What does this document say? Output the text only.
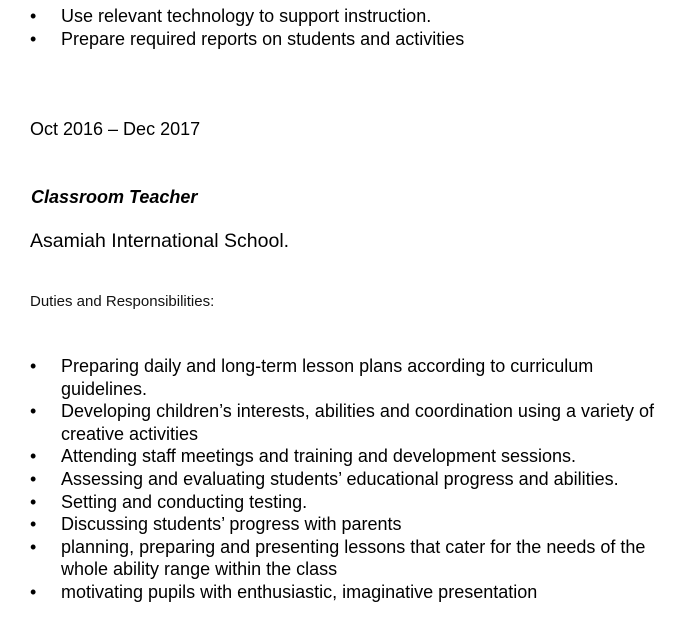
•	Use relevant technology to support instruction.
•	Prepare required reports on students and activities
Oct 2016 – Dec 2017
Classroom Teacher
Asamiah International School.
Duties and Responsibilities:
•	Preparing daily and long-term lesson plans according to curriculum guidelines.
•	Developing children’s interests, abilities and coordination using a variety of creative activities
•	Attending staff meetings and training and development sessions.
•	Assessing and evaluating students’ educational progress and abilities.
•	Setting and conducting testing.
•	Discussing students’ progress with parents
•	planning, preparing and presenting lessons that cater for the needs of the whole ability range within the class
•	motivating pupils with enthusiastic, imaginative presentation
